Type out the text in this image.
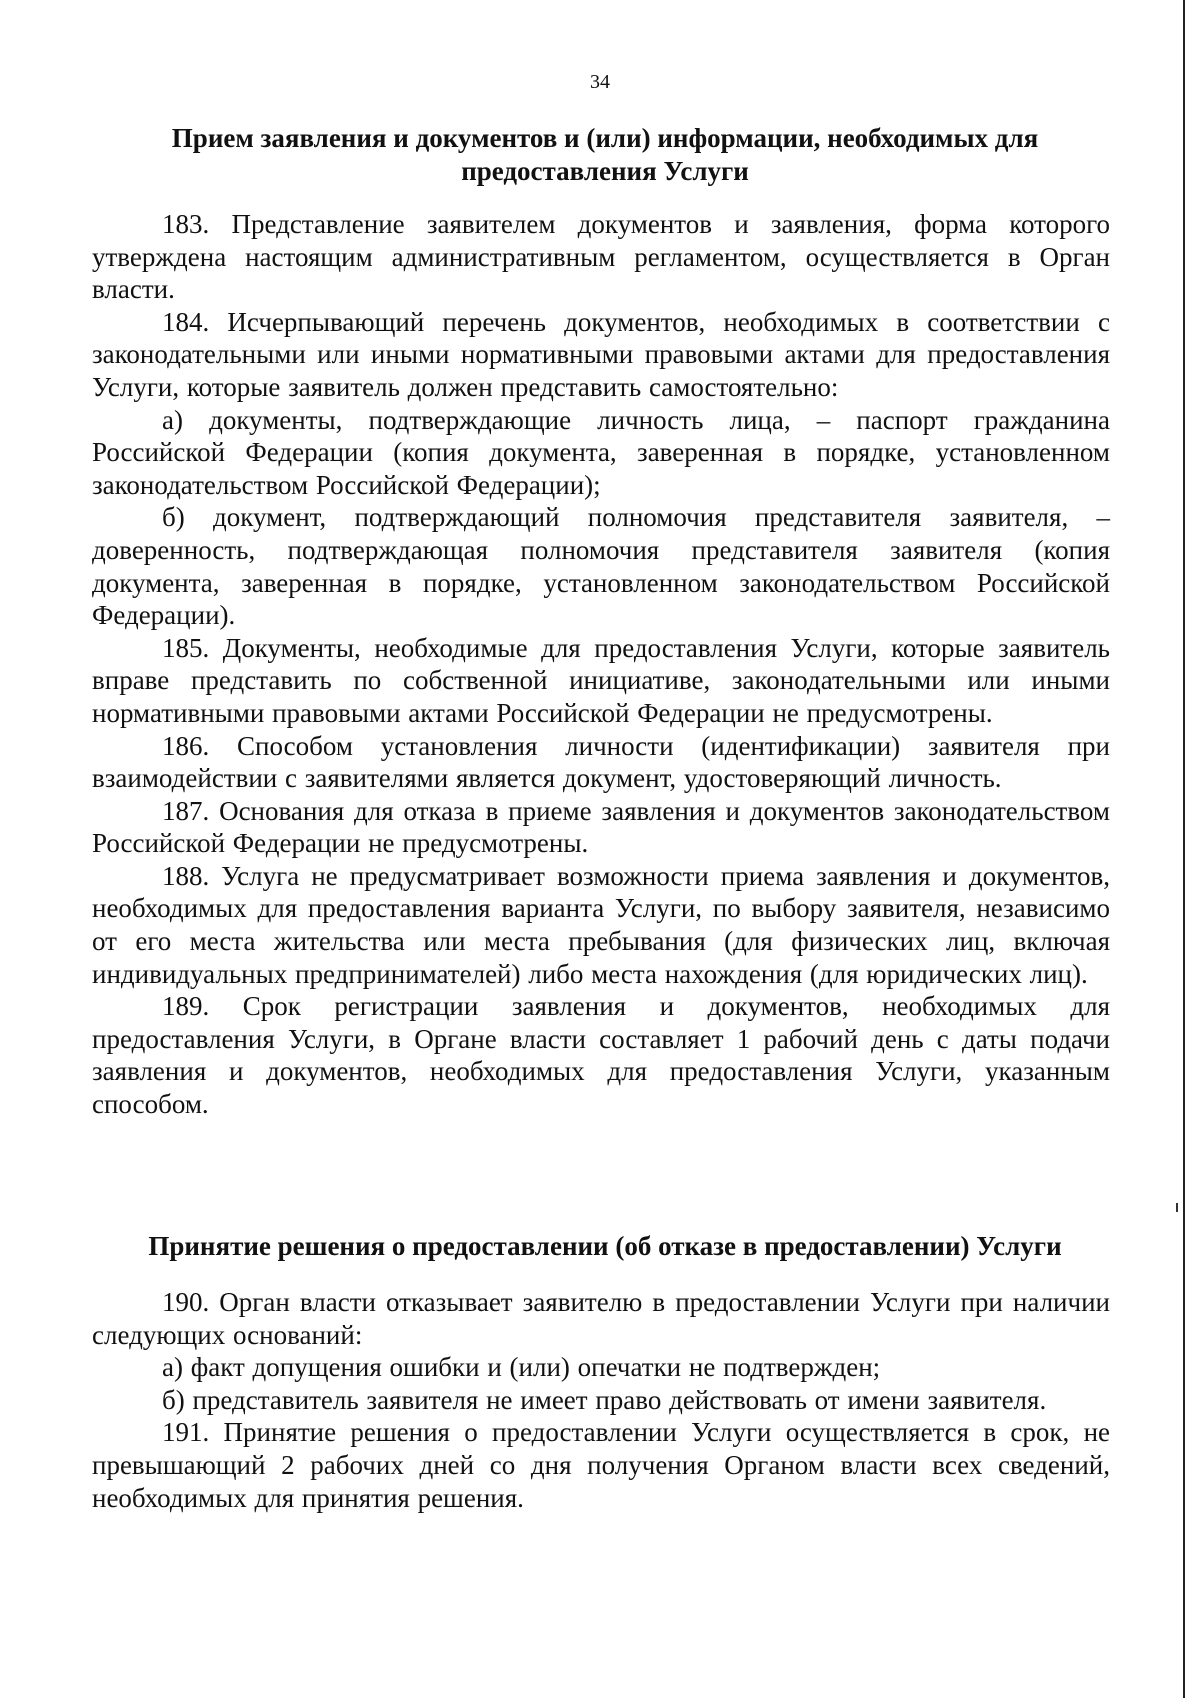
34
Прием заявления и документов и (или) информации, необходимых для предоставления Услуги

183. Представление заявителем документов и заявления, форма которого утверждена настоящим административным регламентом, осуществляется в Орган власти.

184. Исчерпывающий перечень документов, необходимых в соответствии с законодательными или иными нормативными правовыми актами для предоставления Услуги, которые заявитель должен представить самостоятельно:

а) документы, подтверждающие личность лица, – паспорт гражданина Российской Федерации (копия документа, заверенная в порядке, установленном законодательством Российской Федерации);

б) документ, подтверждающий полномочия представителя заявителя, – доверенность, подтверждающая полномочия представителя заявителя (копия документа, заверенная в порядке, установленном законодательством Российской Федерации).

185. Документы, необходимые для предоставления Услуги, которые заявитель вправе представить по собственной инициативе, законодательными или иными нормативными правовыми актами Российской Федерации не предусмотрены.

186. Способом установления личности (идентификации) заявителя при взаимодействии с заявителями является документ, удостоверяющий личность.

187. Основания для отказа в приеме заявления и документов законодательством Российской Федерации не предусмотрены.

188. Услуга не предусматривает возможности приема заявления и документов, необходимых для предоставления варианта Услуги, по выбору заявителя, независимо от его места жительства или места пребывания (для физических лиц, включая индивидуальных предпринимателей) либо места нахождения (для юридических лиц).

189. Срок регистрации заявления и документов, необходимых для предоставления Услуги, в Органе власти составляет 1 рабочий день с даты подачи заявления и документов, необходимых для предоставления Услуги, указанным способом.

Принятие решения о предоставлении (об отказе в предоставлении) Услуги

190. Орган власти отказывает заявителю в предоставлении Услуги при наличии следующих оснований:

а) факт допущения ошибки и (или) опечатки не подтвержден;

б) представитель заявителя не имеет право действовать от имени заявителя.

191. Принятие решения о предоставлении Услуги осуществляется в срок, не превышающий 2 рабочих дней со дня получения Органом власти всех сведений, необходимых для принятия решения.
